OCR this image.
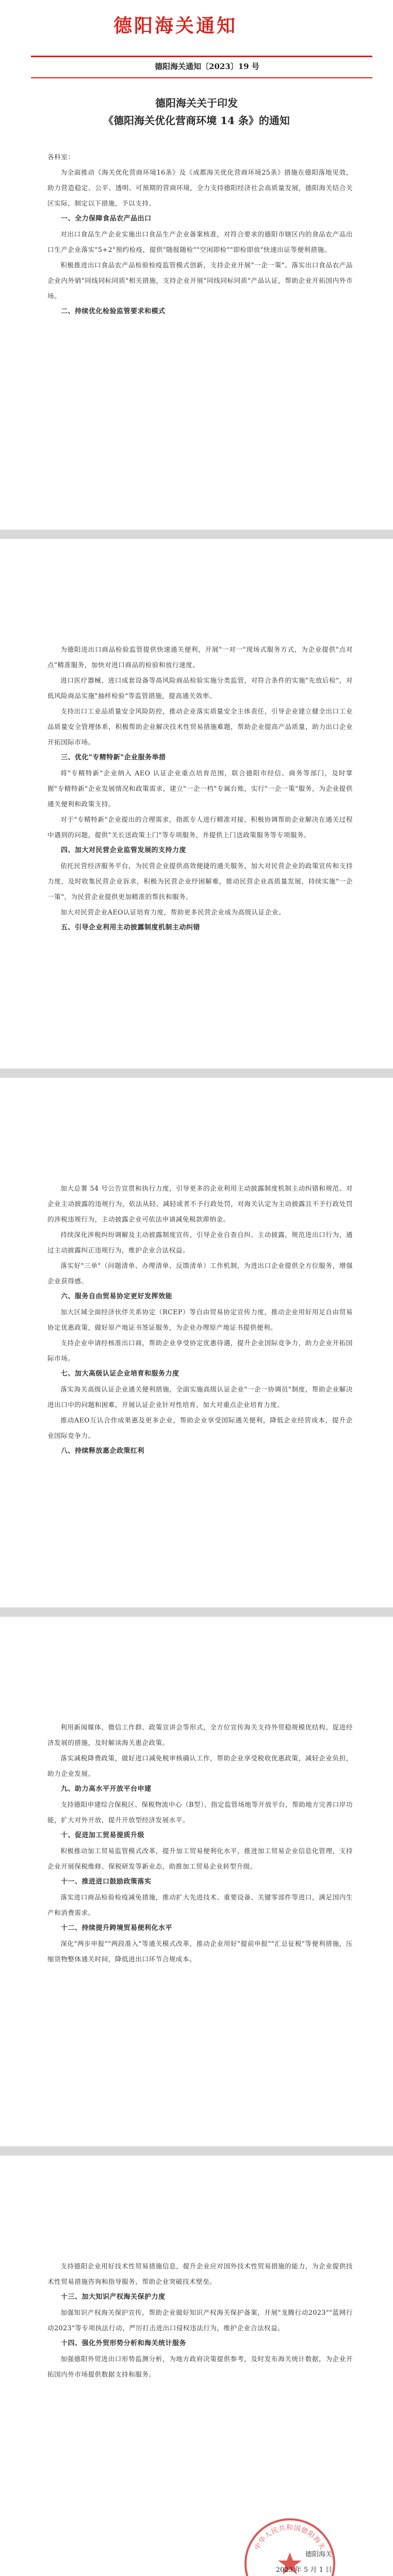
德阳海关通知
德阳海关通知〔2023〕19 号
德阳海关关于印发
《德阳海关优化营商环境 14 条》的通知

各科室：

为全面推动《海关优化营商环境16条》及《成都海关优化营商环境25条》措施在德阳落地见效，助力营造稳定、公平、透明、可预期的营商环境，全力支持德阳经济社会高质量发展，德阳海关结合关区实际，制定以下措施，予以支持。

一、全力保障食品农产品出口

对出口食品生产企业实施出口食品生产企业备案核准，对符合要求的德阳市辖区内的食品农产品出口生产企业落实"5+2"预约检疫，提供"随报随检""空闲即检""即检即放"快速出证等便利措施。

积极推进出口食品农产品检验检疫监管模式创新，支持企业开展"一企一策"。落实出口食品农产品企业内外销"同线同标同质"相关措施，支持企业开展"同线同标同质"产品认证，帮助企业开拓国内外市场。

二、持续优化检验监管要求和模式

为德阳进出口商品检验监管提供快速通关便利，开展"一对一"现场式服务方式，为企业提供"点对点"精准服务，加快对进口商品的检验和放行速度。

进口医疗器械、进口成套设备等高风险商品检验实施分类监管，对符合条件的实施"先放后检"，对低风险商品实施"抽样检验"等监管措施，提高通关效率。

支持出口工业品质量安全风险防控，推动企业落实质量安全主体责任，引导企业建立健全出口工业品质量安全管理体系，积极帮助企业解决技术性贸易措施难题，帮助企业提高产品质量，助力出口企业开拓国际市场。

三、优化"专精特新"企业服务举措

将"专精特新"企业纳入 AEO 认证企业重点培育范围，联合德阳市经信、商务等部门，及时掌握"专精特新"企业发展情况和政策需求，建立"一企一档"专属台账，实行"一企一策"服务，为企业提供通关便利和政策支持。

对于"专精特新"企业提出的合理需求，指派专人进行精准对接，积极协调帮助企业解决在通关过程中遇到的问题，提供"关长送政策上门"等专项服务，并提供上门送政策服务等专项服务。

四、加大对民营企业监管发展的支持力度

依托民营经济服务平台，为民营企业提供高效便捷的通关服务，加大对民营企业的政策宣传和支持力度，及时收集民营企业诉求，积极为民营企业纾困解难，推动民营企业高质量发展，持续实施"一企一策"，为民营企业提供更加精准的帮扶和服务。

加大对民营企业AEO认证培育力度，帮助更多民营企业成为高级认证企业。

五、引导企业利用主动披露制度机制主动纠错

加大总署 54 号公告宣贯和执行力度，引导更多的企业利用主动披露制度机制主动纠错和规范。对企业主动披露的违规行为，依法从轻、减轻或者不予行政处罚，对海关认定为主动披露且不予行政处罚的涉税违规行为，主动披露企业可依法申请减免税款滞纳金。

持续深化涉税纠纷调解及主动披露制度宣传，引导企业自查自纠、主动披露，规范进出口行为，通过主动披露纠正违规行为，维护企业合法权益。

落实好"三单"（问题清单、办理清单、反馈清单）工作机制，为进出口企业提供全方位服务，增强企业获得感。

六、服务自由贸易协定更好发挥效能

加大区域全面经济伙伴关系协定（RCEP）等自由贸易协定宣传力度，推动企业用好用足自由贸易协定优惠政策，做好原产地证书签证服务，为企业办理原产地证书提供便利。

支持企业申请经核准出口商，帮助企业享受协定优惠待遇，提升企业国际竞争力，助力企业开拓国际市场。

七、加大高级认证企业培育和服务力度

落实海关高级认证企业通关便利措施，全面实施高级认证企业"一企一协调员"制度，帮助企业解决进出口中的问题和困难，开展认证企业针对性培育，加大对重点企业培育力度。

推动AEO互认合作成果惠及更多企业，帮助企业享受国际通关便利，降低企业经营成本，提升企业国际竞争力。

八、持续释放惠企政策红利

利用新闻媒体、微信工作群、政策宣讲会等形式，全方位宣传海关支持外贸稳规模优结构、促进经济发展的措施，及时解读海关惠企政策。

落实减税降费政策，做好进口减免税审核确认工作，帮助企业享受税收优惠政策，减轻企业负担，助力企业发展。

九、助力高水平开放平台申建

支持德阳申建综合保税区、保税物流中心（B型）、指定监管场地等开放平台，帮助地方完善口岸功能，扩大对外开放，提升开放型经济发展水平。

十、促进加工贸易提质升级

积极推动加工贸易监管模式改革，提升加工贸易便利化水平，推进加工贸易企业信息化管理，支持企业开展保税维修、保税研发等新业态，助推加工贸易企业转型升级。

十一、推进进口鼓励政策落实

落实进口商品检验检疫减免措施，推动扩大先进技术、重要设备、关键零部件等进口，满足国内生产和消费需求。

十二、持续提升跨境贸易便利化水平

深化"两步申报""两段准入"等通关模式改革，推动企业用好"提前申报""汇总征税"等便利措施，压缩货物整体通关时间，降低进出口环节合规成本。

支持德阳企业用好技术性贸易措施信息，提升企业应对国外技术性贸易措施的能力，为企业提供技术性贸易措施咨询和指导服务，帮助企业突破技术壁垒。

十三、加大知识产权海关保护力度

加强知识产权海关保护宣传，帮助企业做好知识产权海关保护备案，开展"龙腾行动2023""蓝网行动2023"等专项执法行动，严厉打击进出口侵权违法行为，维护企业合法权益。

十四、强化外贸形势分析和海关统计服务

加强德阳外贸进出口形势监测分析，为地方政府决策提供参考，及时发布海关统计数据，为企业开拓国内外市场提供数据支持和服务。

中华人民共和国德阳海关
德阳海关
2023 年 5 月 1 日
